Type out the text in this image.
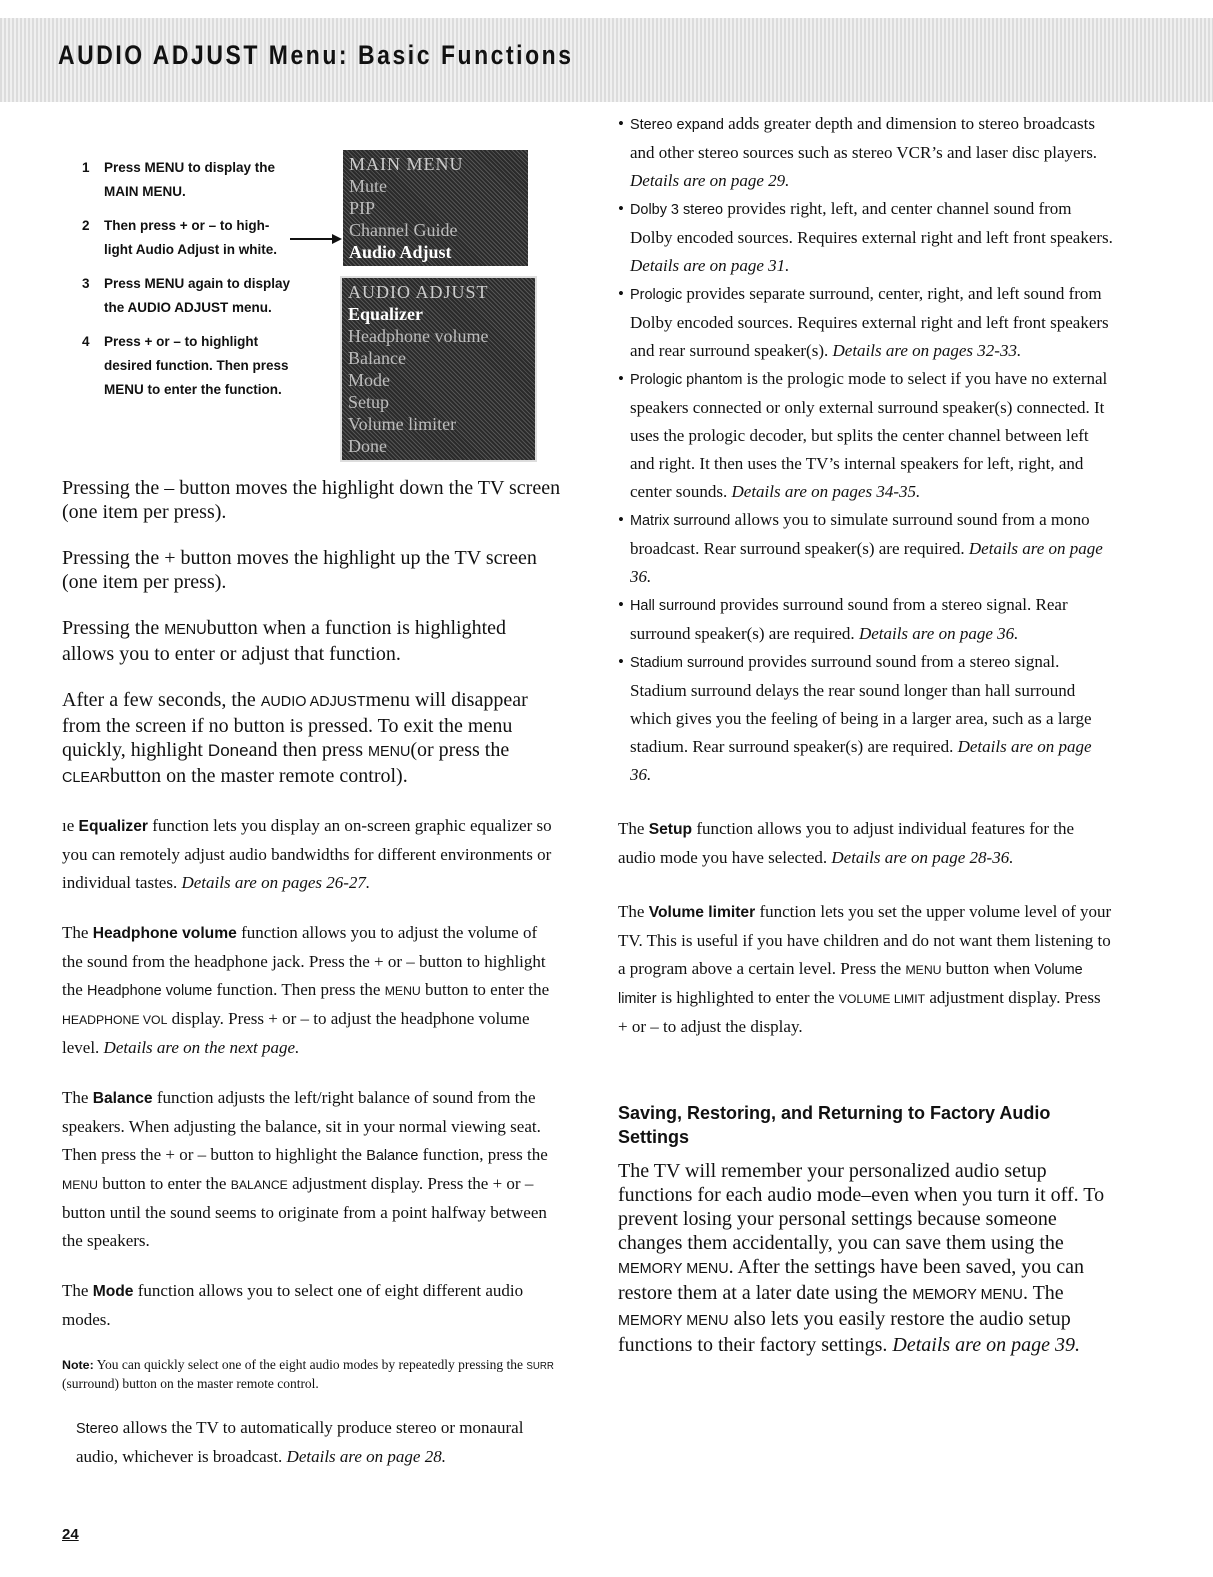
AUDIO ADJUST Menu: Basic Functions
1	Press MENU to display the MAIN MENU.
2	Then press + or – to high-light Audio Adjust in white.
3	Press MENU again to display the AUDIO ADJUST menu.
4	Press + or – to highlight desired function. Then press MENU to enter the function.
MAIN MENU
Mute
PIP
Channel Guide
Audio Adjust
AUDIO ADJUST
Equalizer
Headphone volume
Balance
Mode
Setup
Volume limiter
Done

Pressing the – button moves the highlight down the TV screen (one item per press).

Pressing the + button moves the highlight up the TV screen (one item per press).

Pressing the MENUbutton when a function is highlighted allows you to enter or adjust that function.

After a few seconds, the AUDIO ADJUSTmenu will disappear from the screen if no button is pressed. To exit the menu quickly, highlight Doneand then press MENU(or press the CLEARbutton on the master remote control).

ıe Equalizer function lets you display an on-screen graphic equalizer so you can remotely adjust audio bandwidths for different environments or individual tastes. Details are on pages 26-27.

The Headphone volume function allows you to adjust the volume of the sound from the headphone jack. Press the + or – button to highlight the Headphone volume function. Then press the MENU button to enter the HEADPHONE VOL display. Press + or – to adjust the headphone volume level. Details are on the next page.

The Balance function adjusts the left/right balance of sound from the speakers. When adjusting the balance, sit in your normal viewing seat. Then press the + or – button to highlight the Balance function, press the MENU button to enter the BALANCE adjustment display. Press the + or – button until the sound seems to originate from a point halfway between the speakers.

The Mode function allows you to select one of eight different audio modes.

Note: You can quickly select one of the eight audio modes by repeatedly pressing the SURR (surround) button on the master remote control.

⁠Stereo allows the TV to automatically produce stereo or monaural audio, whichever is broadcast. Details are on page 28.

• Stereo expand adds greater depth and dimension to stereo broadcasts and other stereo sources such as stereo VCR’s and laser disc players. Details are on page 29.

• Dolby 3 stereo provides right, left, and center channel sound from Dolby encoded sources. Requires external right and left front speakers. Details are on page 31.

• Prologic provides separate surround, center, right, and left sound from Dolby encoded sources. Requires external right and left front speakers and rear surround speaker(s). Details are on pages 32-33.

• Prologic phantom is the prologic mode to select if you have no external speakers connected or only external surround speaker(s) connected. It uses the prologic decoder, but splits the center channel between left and right. It then uses the TV’s internal speakers for left, right, and center sounds. Details are on pages 34-35.

• Matrix surround allows you to simulate surround sound from a mono broadcast. Rear surround speaker(s) are required. Details are on page 36.

• Hall surround provides surround sound from a stereo signal. Rear surround speaker(s) are required. Details are on page 36.

• Stadium surround provides surround sound from a stereo signal. Stadium surround delays the rear sound longer than hall surround which gives you the feeling of being in a larger area, such as a large stadium. Rear surround speaker(s) are required. Details are on page 36.

The Setup function allows you to adjust individual features for the audio mode you have selected. Details are on page 28-36.

The Volume limiter function lets you set the upper volume level of your TV. This is useful if you have children and do not want them listening to a program above a certain level. Press the MENU button when Volume limiter is highlighted to enter the VOLUME LIMIT adjustment display. Press + or – to adjust the display.

Saving, Restoring, and Returning to Factory Audio Settings

The TV will remember your personalized audio setup functions for each audio mode–even when you turn it off. To prevent losing your personal settings because someone changes them accidentally, you can save them using the MEMORY MENU. After the settings have been saved, you can restore them at a later date using the MEMORY MENU. The MEMORY MENU also lets you easily restore the audio setup functions to their factory settings. Details are on page 39.

24
